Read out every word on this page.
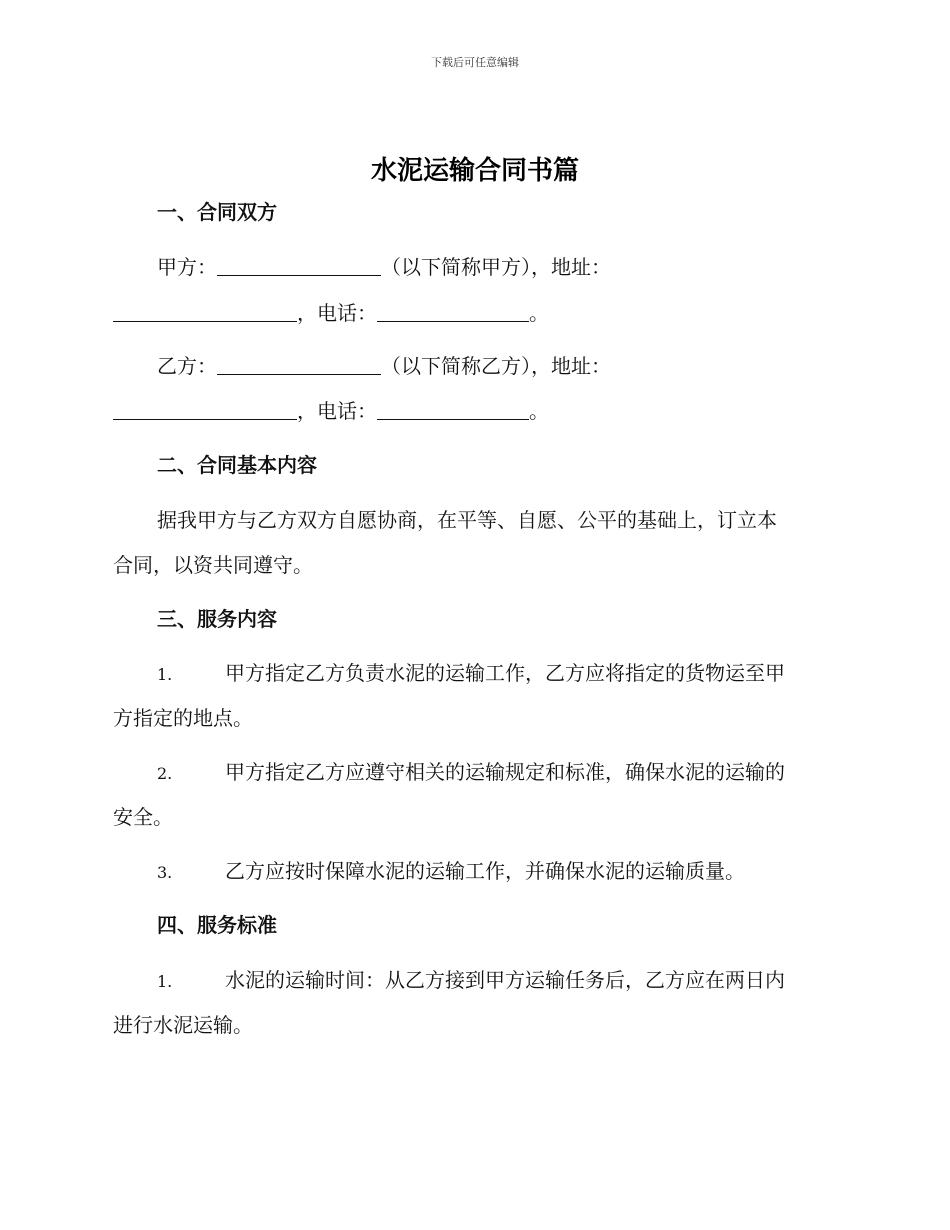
下载后可任意编辑
水泥运输合同书篇
一、合同双方
甲方：	（以下简称甲方），地址：
，电话：	。
乙方：	（以下简称乙方），地址：
，电话：	。
二、合同基本内容
据我甲方与乙方双方自愿协商，在平等、自愿、公平的基础上，订立本
合同，以资共同遵守。
三、服务内容
1.	甲方指定乙方负责水泥的运输工作，乙方应将指定的货物运至甲
方指定的地点。
2.	甲方指定乙方应遵守相关的运输规定和标准，确保水泥的运输的
安全。
3.	乙方应按时保障水泥的运输工作，并确保水泥的运输质量。
四、服务标准
1.	水泥的运输时间：从乙方接到甲方运输任务后，乙方应在两日内
进行水泥运输。
